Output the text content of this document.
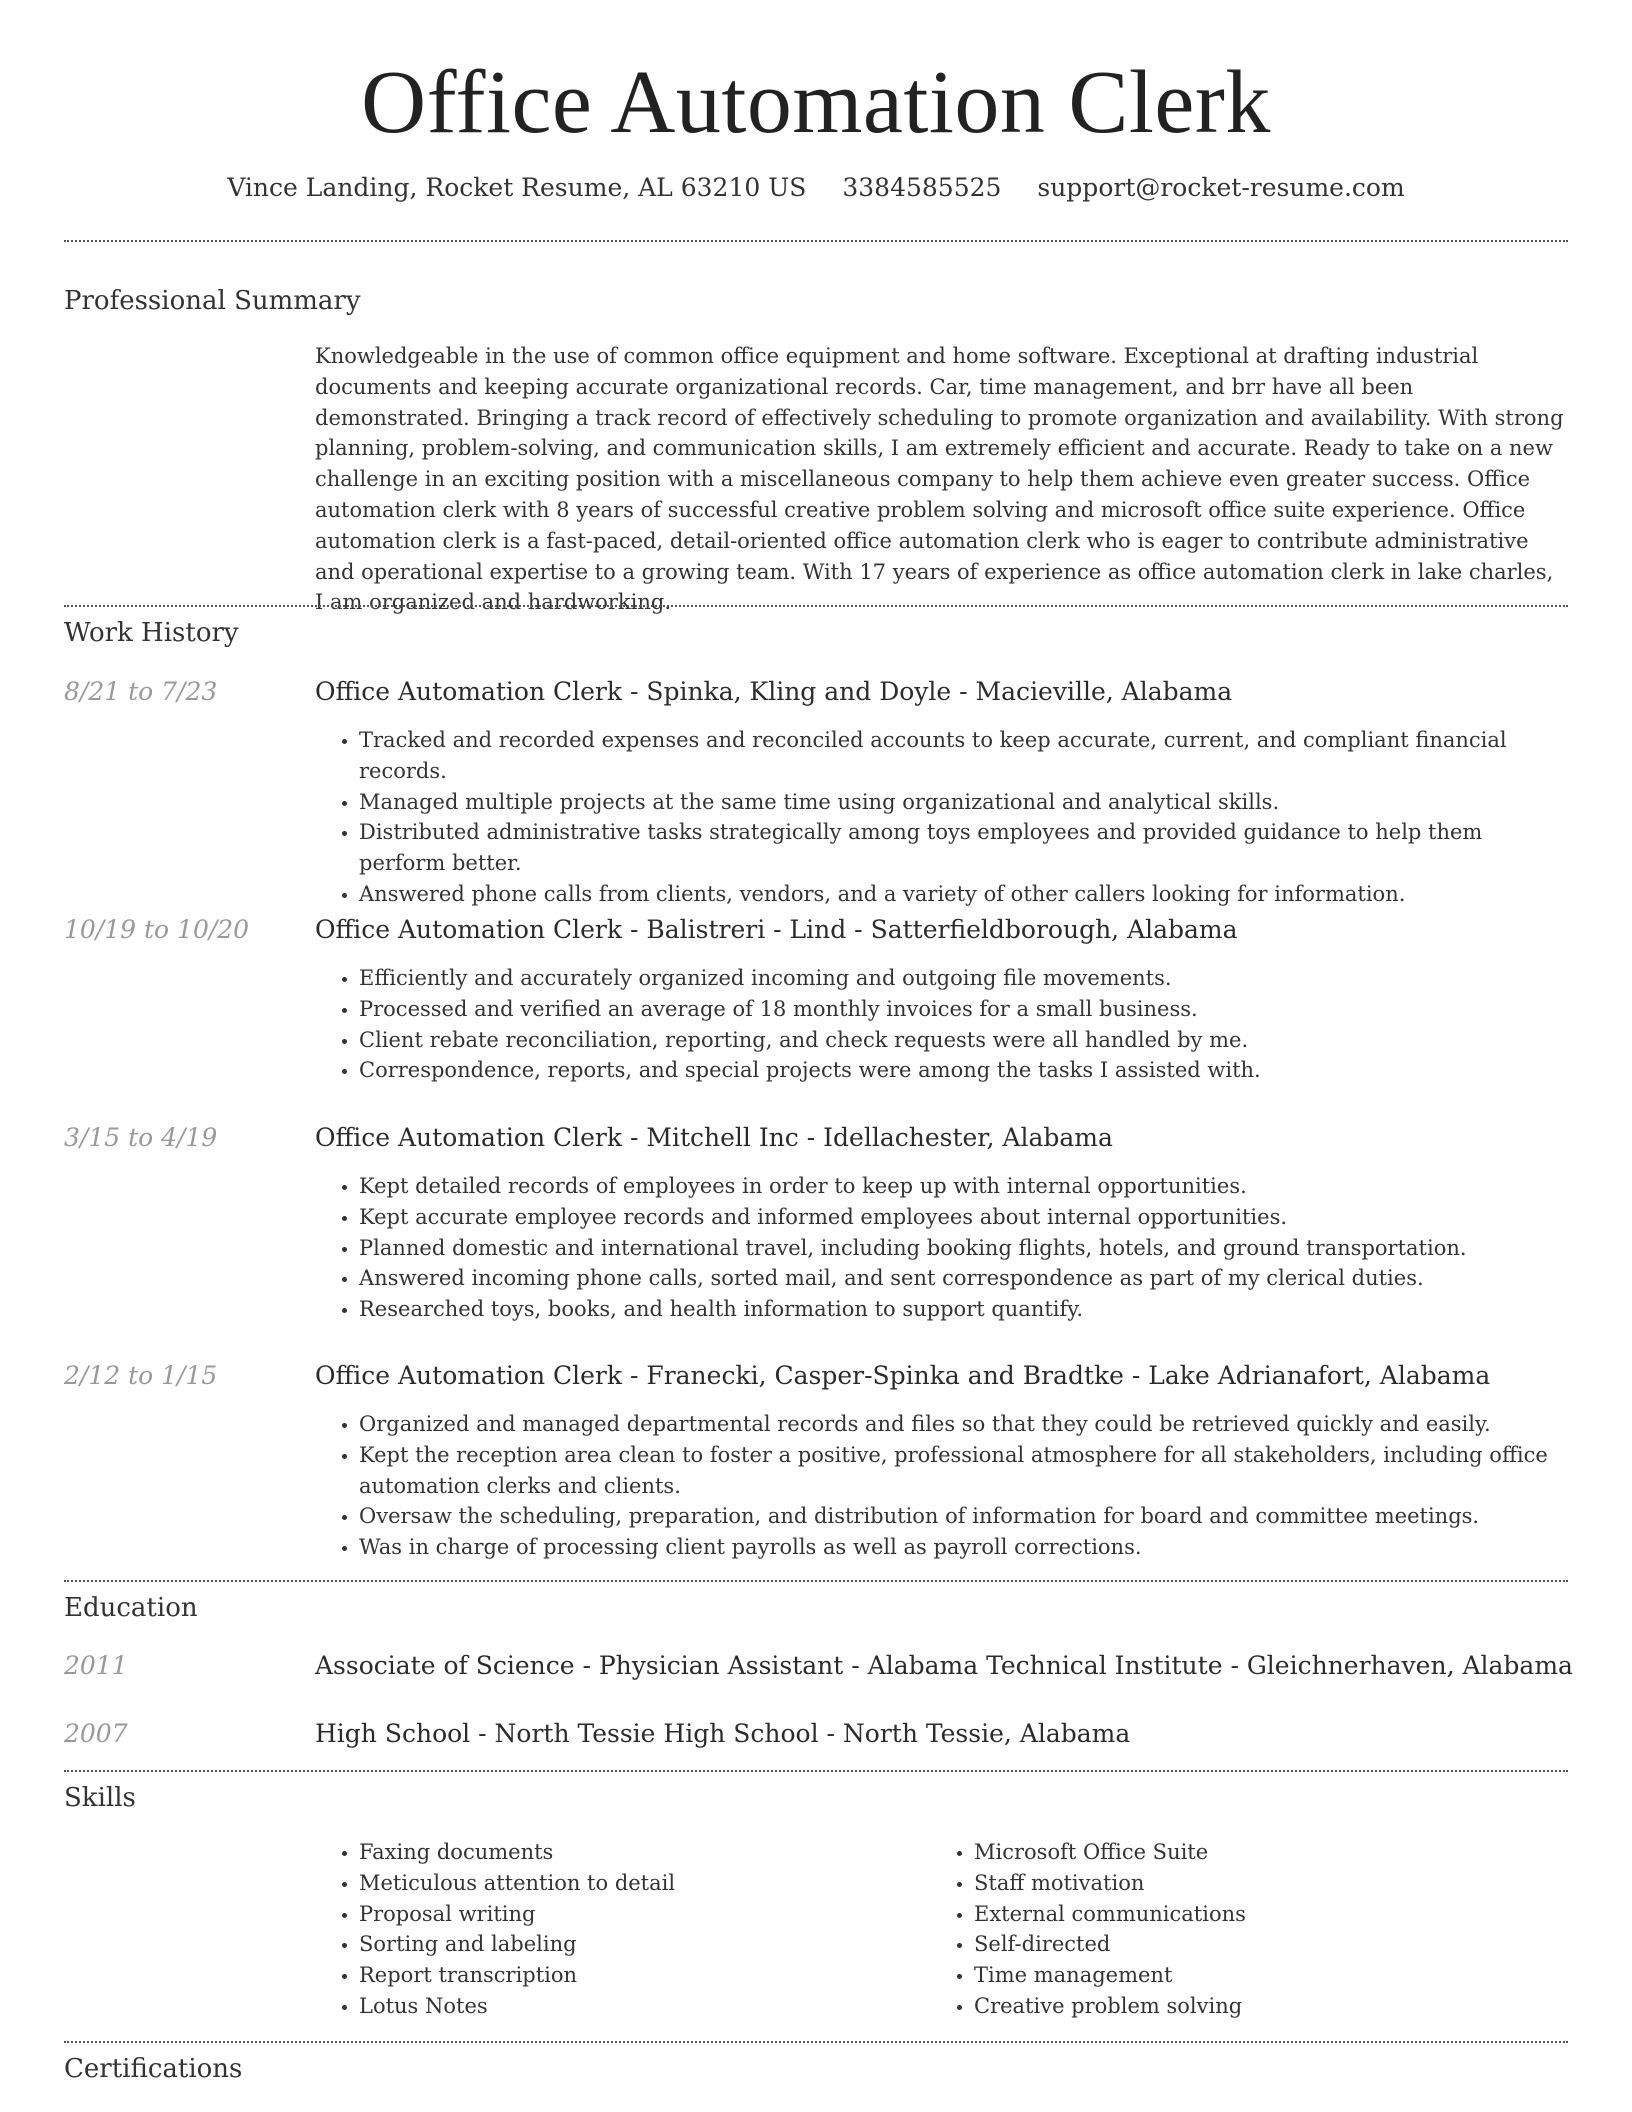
Office Automation Clerk
Vince Landing, Rocket Resume, AL 63210 US 3384585525 support@rocket-resume.com
Professional Summary

Knowledgeable in the use of common office equipment and home software. Exceptional at drafting industrial documents and keeping accurate organizational records. Car, time management, and brr have all been demonstrated. Bringing a track record of effectively scheduling to promote organization and availability. With strong planning, problem-solving, and communication skills, I am extremely efficient and accurate. Ready to take on a new challenge in an exciting position with a miscellaneous company to help them achieve even greater success. Office automation clerk with 8 years of successful creative problem solving and microsoft office suite experience. Office automation clerk is a fast-paced, detail-oriented office automation clerk who is eager to contribute administrative and operational expertise to a growing team. With 17 years of experience as office automation clerk in lake charles, I am organized and hardworking.

Work History
8/21 to 7/23	Office Automation Clerk - Spinka, Kling and Doyle - Macieville, Alabama
• Tracked and recorded expenses and reconciled accounts to keep accurate, current, and compliant financial records.
• Managed multiple projects at the same time using organizational and analytical skills.
• Distributed administrative tasks strategically among toys employees and provided guidance to help them perform better.
• Answered phone calls from clients, vendors, and a variety of other callers looking for information.
10/19 to 10/20	Office Automation Clerk - Balistreri - Lind - Satterfieldborough, Alabama
• Efficiently and accurately organized incoming and outgoing file movements.
• Processed and verified an average of 18 monthly invoices for a small business.
• Client rebate reconciliation, reporting, and check requests were all handled by me.
• Correspondence, reports, and special projects were among the tasks I assisted with.
3/15 to 4/19	Office Automation Clerk - Mitchell Inc - Idellachester, Alabama
• Kept detailed records of employees in order to keep up with internal opportunities.
• Kept accurate employee records and informed employees about internal opportunities.
• Planned domestic and international travel, including booking flights, hotels, and ground transportation.
• Answered incoming phone calls, sorted mail, and sent correspondence as part of my clerical duties.
• Researched toys, books, and health information to support quantify.
2/12 to 1/15	Office Automation Clerk - Franecki, Casper-Spinka and Bradtke - Lake Adrianafort, Alabama
• Organized and managed departmental records and files so that they could be retrieved quickly and easily.
• Kept the reception area clean to foster a positive, professional atmosphere for all stakeholders, including office automation clerks and clients.
• Oversaw the scheduling, preparation, and distribution of information for board and committee meetings.
• Was in charge of processing client payrolls as well as payroll corrections.
Education
2011	Associate of Science - Physician Assistant - Alabama Technical Institute - Gleichnerhaven, Alabama
2007	High School - North Tessie High School - North Tessie, Alabama
Skills
• Faxing documents
• Meticulous attention to detail
• Proposal writing
• Sorting and labeling
• Report transcription
• Lotus Notes
• Microsoft Office Suite
• Staff motivation
• External communications
• Self-directed
• Time management
• Creative problem solving
Certifications
